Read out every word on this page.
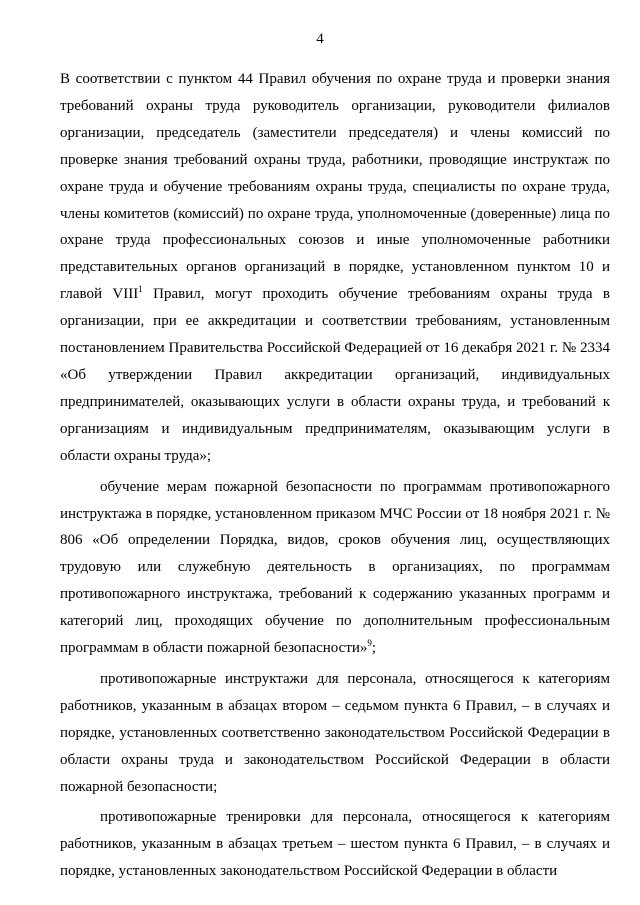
4

В соответствии с пунктом 44 Правил обучения по охране труда и проверки знания требований охраны труда руководитель организации, руководители филиалов организации, председатель (заместители председателя) и члены комиссий по проверке знания требований охраны труда, работники, проводящие инструктаж по охране труда и обучение требованиям охраны труда, специалисты по охране труда, члены комитетов (комиссий) по охране труда, уполномоченные (доверенные) лица по охране труда профессиональных союзов и иные уполномоченные работники представительных органов организаций в порядке, установленном пунктом 10 и главой VIII$^1$ Правил, могут проходить обучение требованиям охраны труда в организации, при ее аккредитации и соответствии требованиям, установленным постановлением Правительства Российской Федерацией от 16 декабря 2021 г. № 2334 «Об утверждении Правил аккредитации организаций, индивидуальных предпринимателей, оказывающих услуги в области охраны труда, и требований к организациям и индивидуальным предпринимателям, оказывающим услуги в области охраны труда»;

обучение мерам пожарной безопасности по программам противопожарного инструктажа в порядке, установленном приказом МЧС России от 18 ноября 2021 г. № 806 «Об определении Порядка, видов, сроков обучения лиц, осуществляющих трудовую или служебную деятельность в организациях, по программам противопожарного инструктажа, требований к содержанию указанных программ и категорий лиц, проходящих обучение по дополнительным профессиональным программам в области пожарной безопасности»$^9$;

противопожарные инструктажи для персонала, относящегося к категориям работников, указанным в абзацах втором – седьмом пункта 6 Правил, – в случаях и порядке, установленных соответственно законодательством Российской Федерации в области охраны труда и законодательством Российской Федерации в области пожарной безопасности;

противопожарные тренировки для персонала, относящегося к категориям работников, указанным в абзацах третьем – шестом пункта 6 Правил, – в случаях и порядке, установленных законодательством Российской Федерации в области
